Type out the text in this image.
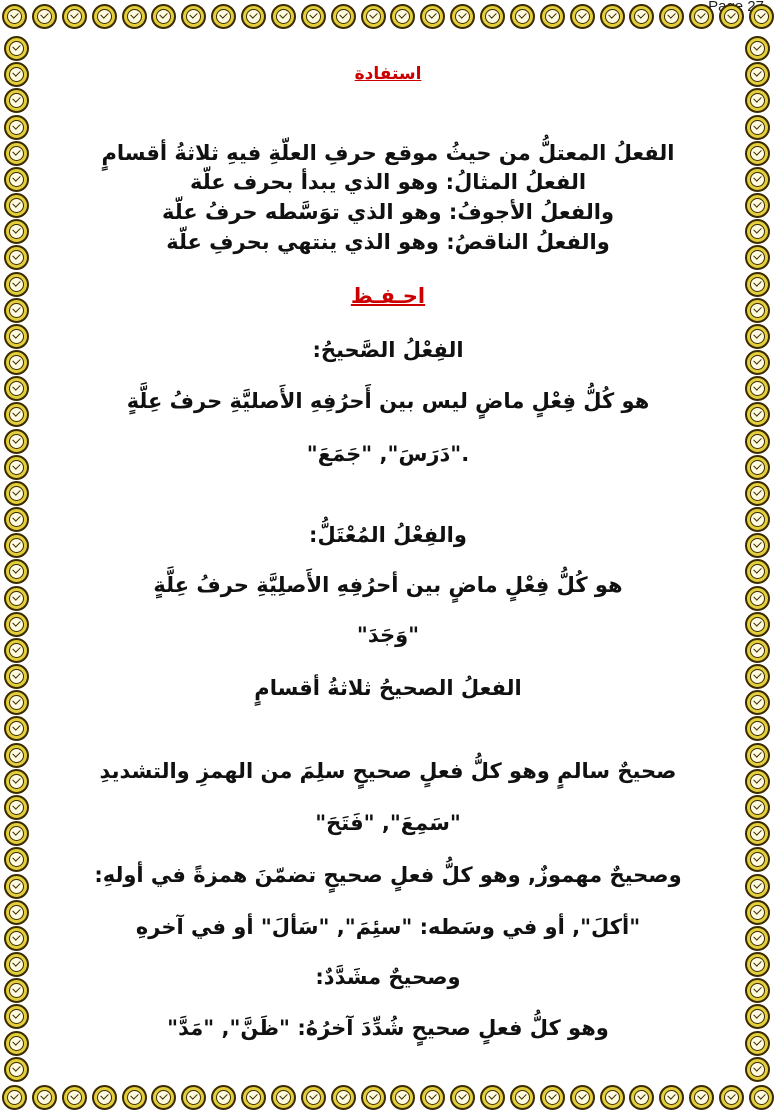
استفادة
الفعلُ المعتلُّ من حيثُ موقع حرفِ العلّةِ فيهِ ثلاثةُ أقسامٍ
الفعلُ المثالُ: وهو الذي يبدأ بحرف علّة
والفعلُ الأجوفُ: وهو الذي توَسَّطه حرفُ علّة
والفعلُ الناقصُ: وهو الذي ينتهي بحرفِ علّة
احـفـظ
الفِعْلُ الصَّحيحُ:
هو كُلُّ فِعْلٍ ماضٍ ليس بين أَحرُفِهِ الأَصليَّةِ حرفُ عِلَّةٍ
."دَرَسَ", "جَمَعَ"
والفِعْلُ المُعْتَلُّ:
هو كُلُّ فِعْلٍ ماضٍ بين أحرُفِهِ الأَصلِيَّةِ حرفُ عِلَّةٍ
"وَجَدَ"
الفعلُ الصحيحُ ثلاثةُ أقسامٍ
صحيحٌ سالمٍ وهو كلُّ فعلٍ صحيحٍ سلِمَ من الهمزِ والتشديدِ
"سَمِعَ", "فَتَحَ"
وصحيحٌ مهموزٌ, وهو كلُّ فعلٍ صحيحٍ تضمّنَ همزةً في أولهِ:
"أكلَ", أو في وسَطه: "سئِمَ", "سَألَ" أو في آخرهِ
وصحيحٌ مشَدَّدٌ:
وهو كلُّ فعلٍ صحيحٍ شُدِّدَ آخرُهُ: "ظَنَّ", "مَدَّ"
